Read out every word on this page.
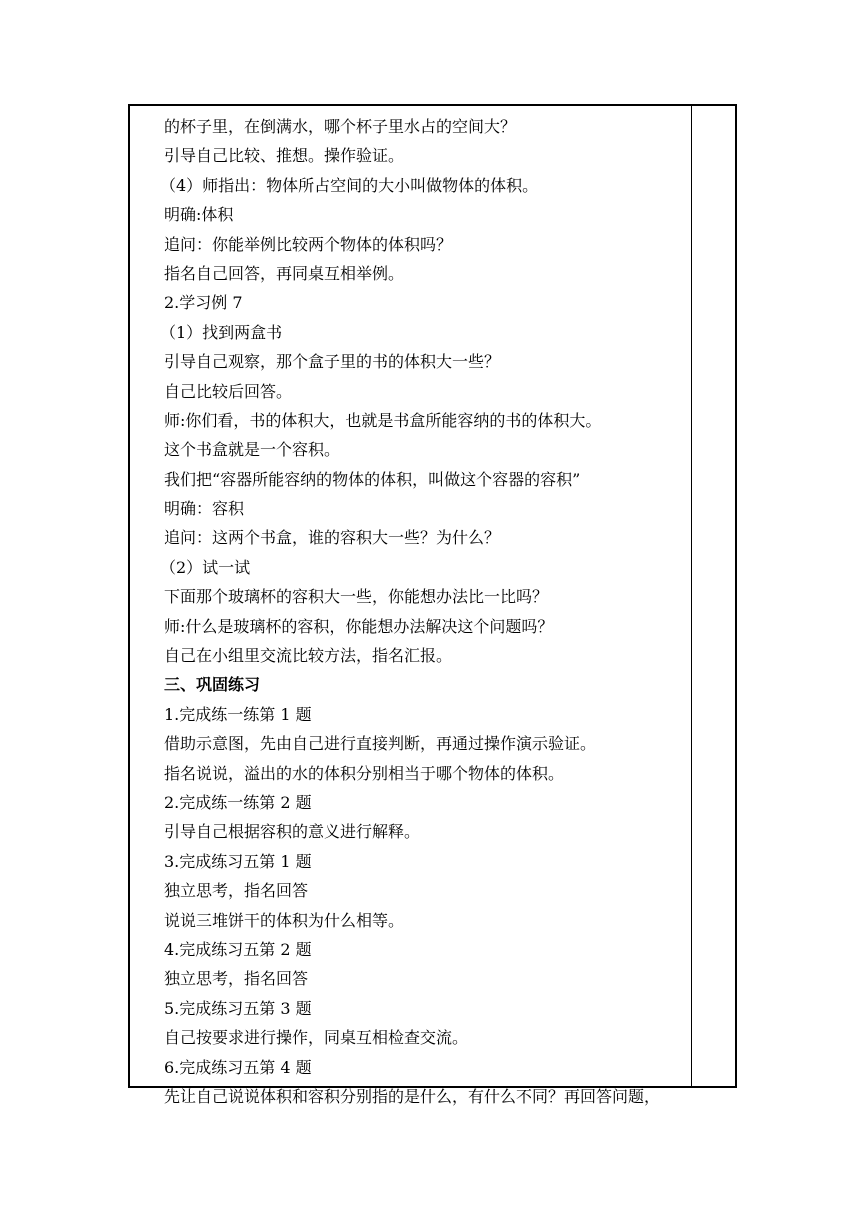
的杯子里，在倒满水，哪个杯子里水占的空间大？
引导自己比较、推想。操作验证。
（4）师指出：物体所占空间的大小叫做物体的体积。
明确:体积
追问：你能举例比较两个物体的体积吗？
指名自己回答，再同桌互相举例。
2.学习例 7
（1）找到两盒书
引导自己观察，那个盒子里的书的体积大一些？
自己比较后回答。
师:你们看，书的体积大，也就是书盒所能容纳的书的体积大。
这个书盒就是一个容积。
我们把“容器所能容纳的物体的体积，叫做这个容器的容积”
明确：容积
追问：这两个书盒，谁的容积大一些？为什么？
（2）试一试
下面那个玻璃杯的容积大一些，你能想办法比一比吗？
师:什么是玻璃杯的容积，你能想办法解决这个问题吗？
自己在小组里交流比较方法，指名汇报。
三、巩固练习
1.完成练一练第 1 题
借助示意图，先由自己进行直接判断，再通过操作演示验证。
指名说说，溢出的水的体积分别相当于哪个物体的体积。
2.完成练一练第 2 题
引导自己根据容积的意义进行解释。
3.完成练习五第 1 题
独立思考，指名回答
说说三堆饼干的体积为什么相等。
4.完成练习五第 2 题
独立思考，指名回答
5.完成练习五第 3 题
自己按要求进行操作，同桌互相检查交流。
6.完成练习五第 4 题
先让自己说说体积和容积分别指的是什么，有什么不同？再回答问题，
